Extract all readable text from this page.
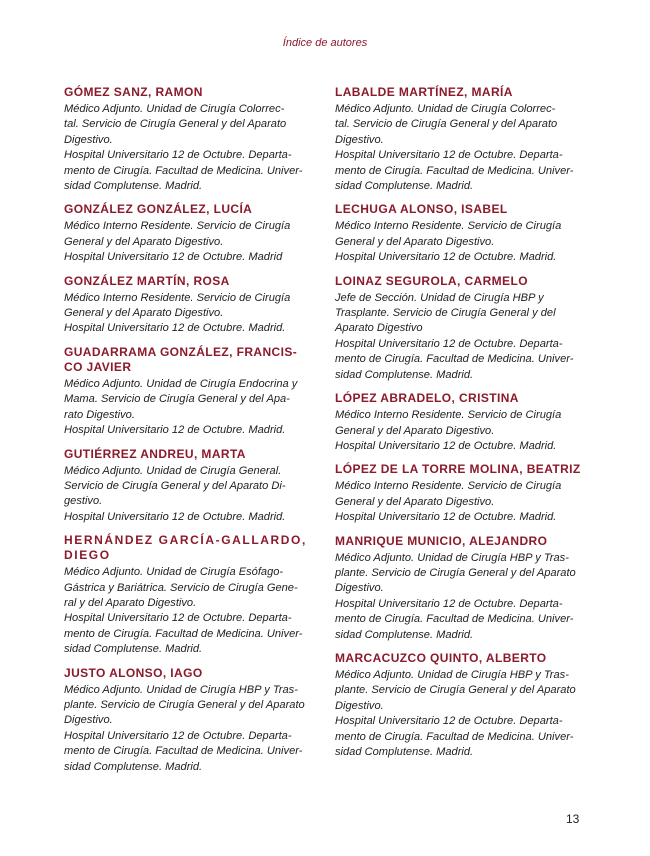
Índice de autores
GÓMEZ SANZ, RAMON
Médico Adjunto. Unidad de Cirugía Colorrec-
tal. Servicio de Cirugía General y del Aparato
Digestivo.
Hospital Universitario 12 de Octubre. Departa-
mento de Cirugía. Facultad de Medicina. Univer-
sidad Complutense. Madrid.
GONZÁLEZ GONZÁLEZ, LUCÍA
Médico Interno Residente. Servicio de Cirugía
General y del Aparato Digestivo.
Hospital Universitario 12 de Octubre. Madrid
GONZÁLEZ MARTÍN, ROSA
Médico Interno Residente. Servicio de Cirugía
General y del Aparato Digestivo.
Hospital Universitario 12 de Octubre. Madrid.
GUADARRAMA GONZÁLEZ, FRANCIS-
CO JAVIER
Médico Adjunto. Unidad de Cirugía Endocrina y
Mama. Servicio de Cirugía General y del Apa-
rato Digestivo.
Hospital Universitario 12 de Octubre. Madrid.
GUTIÉRREZ ANDREU, MARTA
Médico Adjunto. Unidad de Cirugía General.
Servicio de Cirugía General y del Aparato Di-
gestivo.
Hospital Universitario 12 de Octubre. Madrid.
HERNÁNDEZ GARCÍA-GALLARDO,
DIEGO
Médico Adjunto. Unidad de Cirugía Esófago-
Gástrica y Bariátrica. Servicio de Cirugía Gene-
ral y del Aparato Digestivo.
Hospital Universitario 12 de Octubre. Departa-
mento de Cirugía. Facultad de Medicina. Univer-
sidad Complutense. Madrid.
JUSTO ALONSO, IAGO
Médico Adjunto. Unidad de Cirugía HBP y Tras-
plante. Servicio de Cirugía General y del Aparato
Digestivo.
Hospital Universitario 12 de Octubre. Departa-
mento de Cirugía. Facultad de Medicina. Univer-
sidad Complutense. Madrid.
LABALDE MARTÍNEZ, MARÍA
Médico Adjunto. Unidad de Cirugía Colorrec-
tal. Servicio de Cirugía General y del Aparato
Digestivo.
Hospital Universitario 12 de Octubre. Departa-
mento de Cirugía. Facultad de Medicina. Univer-
sidad Complutense. Madrid.
LECHUGA ALONSO, ISABEL
Médico Interno Residente. Servicio de Cirugía
General y del Aparato Digestivo.
Hospital Universitario 12 de Octubre. Madrid.
LOINAZ SEGUROLA, CARMELO
Jefe de Sección. Unidad de Cirugía HBP y
Trasplante. Servicio de Cirugía General y del
Aparato Digestivo
Hospital Universitario 12 de Octubre. Departa-
mento de Cirugía. Facultad de Medicina. Univer-
sidad Complutense. Madrid.
LÓPEZ ABRADELO, CRISTINA
Médico Interno Residente. Servicio de Cirugía
General y del Aparato Digestivo.
Hospital Universitario 12 de Octubre. Madrid.
LÓPEZ DE LA TORRE MOLINA, BEATRIZ
Médico Interno Residente. Servicio de Cirugía
General y del Aparato Digestivo.
Hospital Universitario 12 de Octubre. Madrid.
MANRIQUE MUNICIO, ALEJANDRO
Médico Adjunto. Unidad de Cirugía HBP y Tras-
plante. Servicio de Cirugía General y del Aparato
Digestivo.
Hospital Universitario 12 de Octubre. Departa-
mento de Cirugía. Facultad de Medicina. Univer-
sidad Complutense. Madrid.
MARCACUZCO QUINTO, ALBERTO
Médico Adjunto. Unidad de Cirugía HBP y Tras-
plante. Servicio de Cirugía General y del Aparato
Digestivo.
Hospital Universitario 12 de Octubre. Departa-
mento de Cirugía. Facultad de Medicina. Univer-
sidad Complutense. Madrid.
13
